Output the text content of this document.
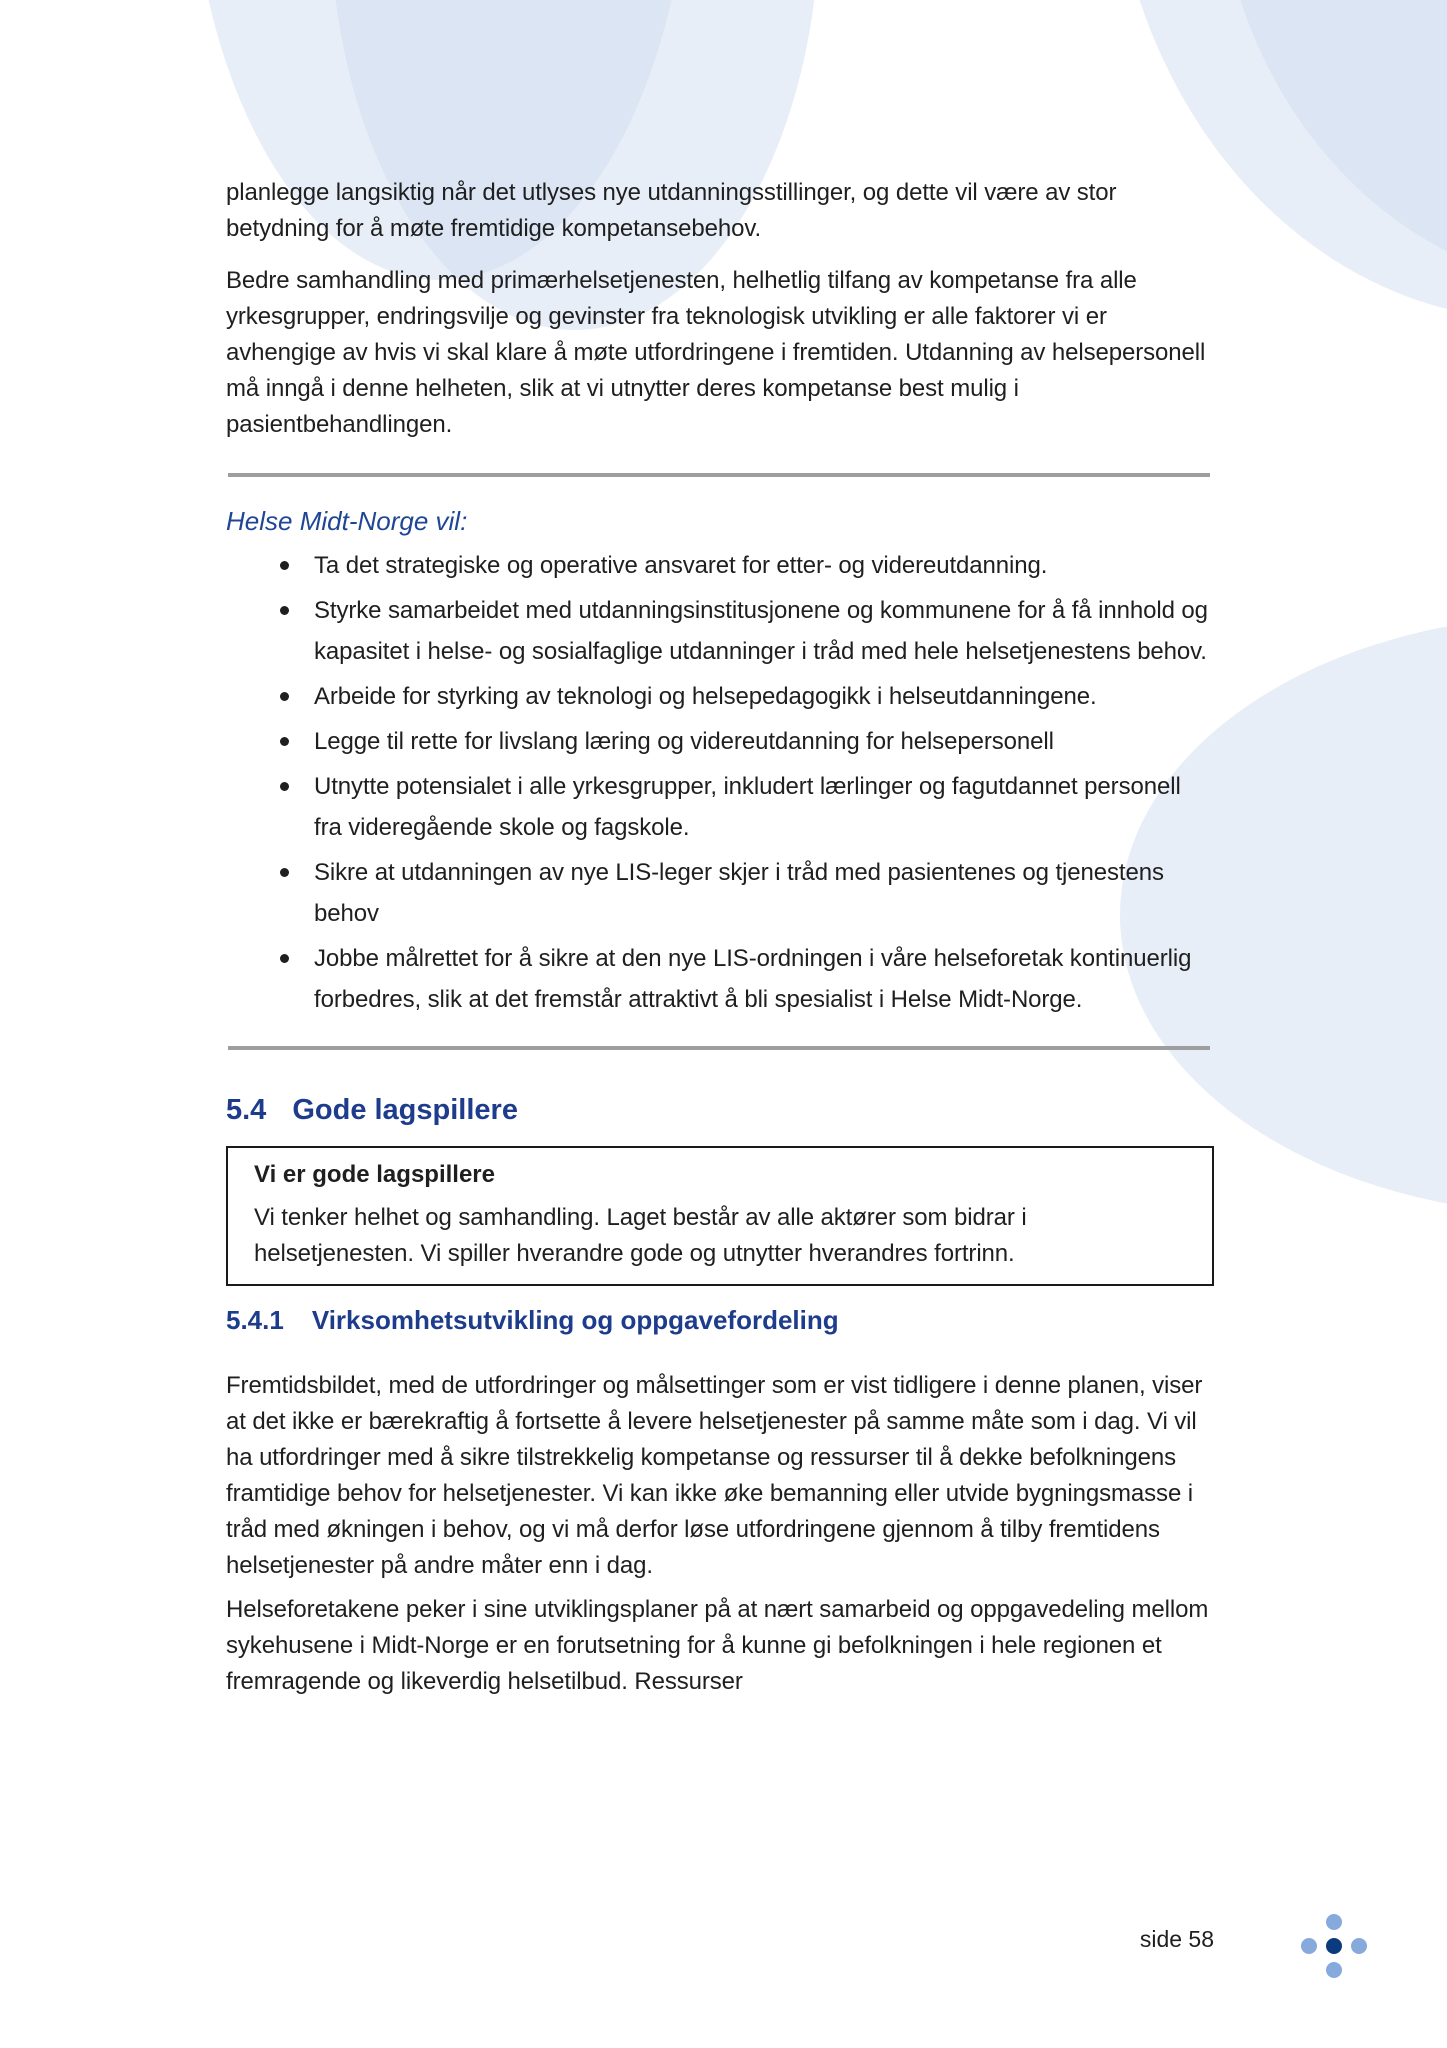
planlegge langsiktig når det utlyses nye utdanningsstillinger, og dette vil være av stor betydning for å møte fremtidige kompetansebehov.

Bedre samhandling med primærhelsetjenesten, helhetlig tilfang av kompetanse fra alle yrkesgrupper, endringsvilje og gevinster fra teknologisk utvikling er alle faktorer vi er avhengige av hvis vi skal klare å møte utfordringene i fremtiden. Utdanning av helsepersonell må inngå i denne helheten, slik at vi utnytter deres kompetanse best mulig i pasientbehandlingen.

Helse Midt-Norge vil:
Ta det strategiske og operative ansvaret for etter- og videreutdanning.
Styrke samarbeidet med utdanningsinstitusjonene og kommunene for å få innhold og kapasitet i helse- og sosialfaglige utdanninger i tråd med hele helsetjenestens behov.
Arbeide for styrking av teknologi og helsepedagogikk i helseutdanningene.
Legge til rette for livslang læring og videreutdanning for helsepersonell
Utnytte potensialet i alle yrkesgrupper, inkludert lærlinger og fagutdannet personell fra videregående skole og fagskole.
Sikre at utdanningen av nye LIS-leger skjer i tråd med pasientenes og tjenestens behov
Jobbe målrettet for å sikre at den nye LIS-ordningen i våre helseforetak kontinuerlig forbedres, slik at det fremstår attraktivt å bli spesialist i Helse Midt-Norge.
5.4 Gode lagspillere

Vi er gode lagspillere

Vi tenker helhet og samhandling. Laget består av alle aktører som bidrar i helsetjenesten. Vi spiller hverandre gode og utnytter hverandres fortrinn.

5.4.1 Virksomhetsutvikling og oppgavefordeling

Fremtidsbildet, med de utfordringer og målsettinger som er vist tidligere i denne planen, viser at det ikke er bærekraftig å fortsette å levere helsetjenester på samme måte som i dag. Vi vil ha utfordringer med å sikre tilstrekkelig kompetanse og ressurser til å dekke befolkningens framtidige behov for helsetjenester. Vi kan ikke øke bemanning eller utvide bygningsmasse i tråd med økningen i behov, og vi må derfor løse utfordringene gjennom å tilby fremtidens helsetjenester på andre måter enn i dag.

Helseforetakene peker i sine utviklingsplaner på at nært samarbeid og oppgavedeling mellom sykehusene i Midt-Norge er en forutsetning for å kunne gi befolkningen i hele regionen et fremragende og likeverdig helsetilbud. Ressurser

side 58
